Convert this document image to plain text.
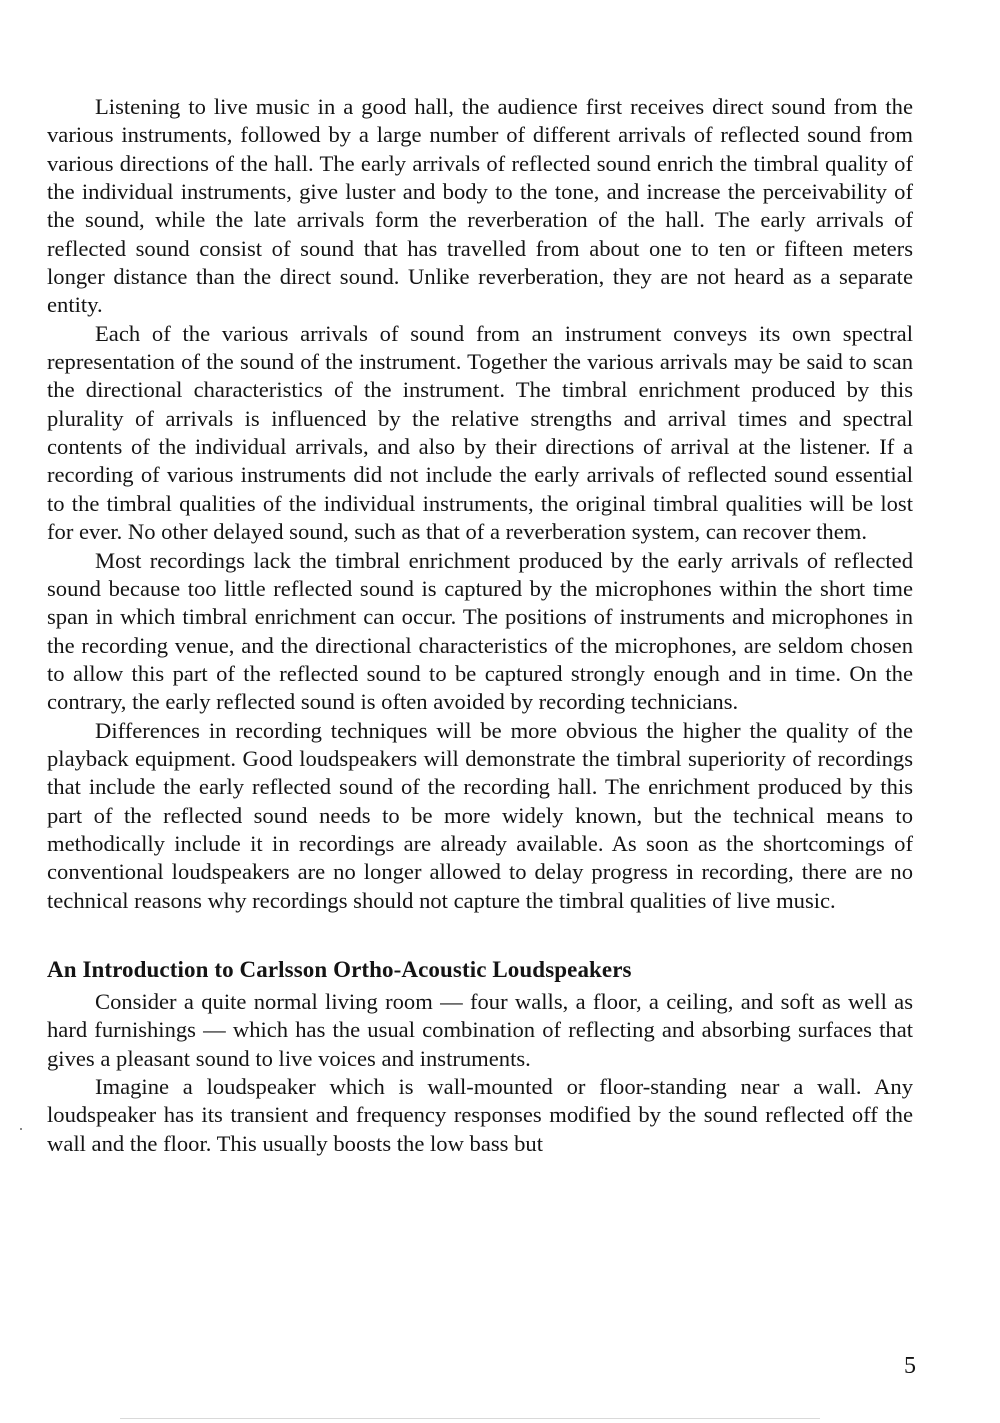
Listening to live music in a good hall, the audience first receives direct sound from the various instruments, followed by a large number of different arrivals of reflected sound from various directions of the hall. The early arrivals of reflected sound enrich the timbral quality of the individual instruments, give luster and body to the tone, and increase the perceivability of the sound, while the late arrivals form the reverberation of the hall. The early arrivals of reflected sound consist of sound that has travelled from about one to ten or fifteen meters longer distance than the direct sound. Unlike reverberation, they are not heard as a separate entity.

Each of the various arrivals of sound from an instrument conveys its own spectral representation of the sound of the instrument. Together the various arrivals may be said to scan the directional characteristics of the instrument. The timbral enrichment produced by this plurality of arrivals is influenced by the relative strengths and arrival times and spectral contents of the individual arrivals, and also by their directions of arrival at the listener. If a recording of various instruments did not include the early arrivals of reflected sound essential to the timbral qualities of the individual instruments, the original timbral qualities will be lost for ever. No other delayed sound, such as that of a reverberation system, can recover them.

Most recordings lack the timbral enrichment produced by the early arrivals of reflected sound because too little reflected sound is captured by the microphones within the short time span in which timbral enrichment can occur. The positions of instruments and microphones in the recording venue, and the directional characteristics of the microphones, are seldom chosen to allow this part of the reflected sound to be captured strongly enough and in time. On the contrary, the early reflected sound is often avoided by recording technicians.

Differences in recording techniques will be more obvious the higher the quality of the playback equipment. Good loudspeakers will demonstrate the timbral superiority of recordings that include the early reflected sound of the recording hall. The enrichment produced by this part of the reflected sound needs to be more widely known, but the technical means to methodically include it in recordings are already available. As soon as the shortcomings of conventional loudspeakers are no longer allowed to delay progress in recording, there are no technical reasons why recordings should not capture the timbral qualities of live music.

An Introduction to Carlsson Ortho-Acoustic Loudspeakers

Consider a quite normal living room — four walls, a floor, a ceiling, and soft as well as hard furnishings — which has the usual combination of reflecting and absorbing surfaces that gives a pleasant sound to live voices and instruments.

Imagine a loudspeaker which is wall-mounted or floor-standing near a wall. Any loudspeaker has its transient and frequency responses modified by the sound reflected off the wall and the floor. This usually boosts the low bass but

5
